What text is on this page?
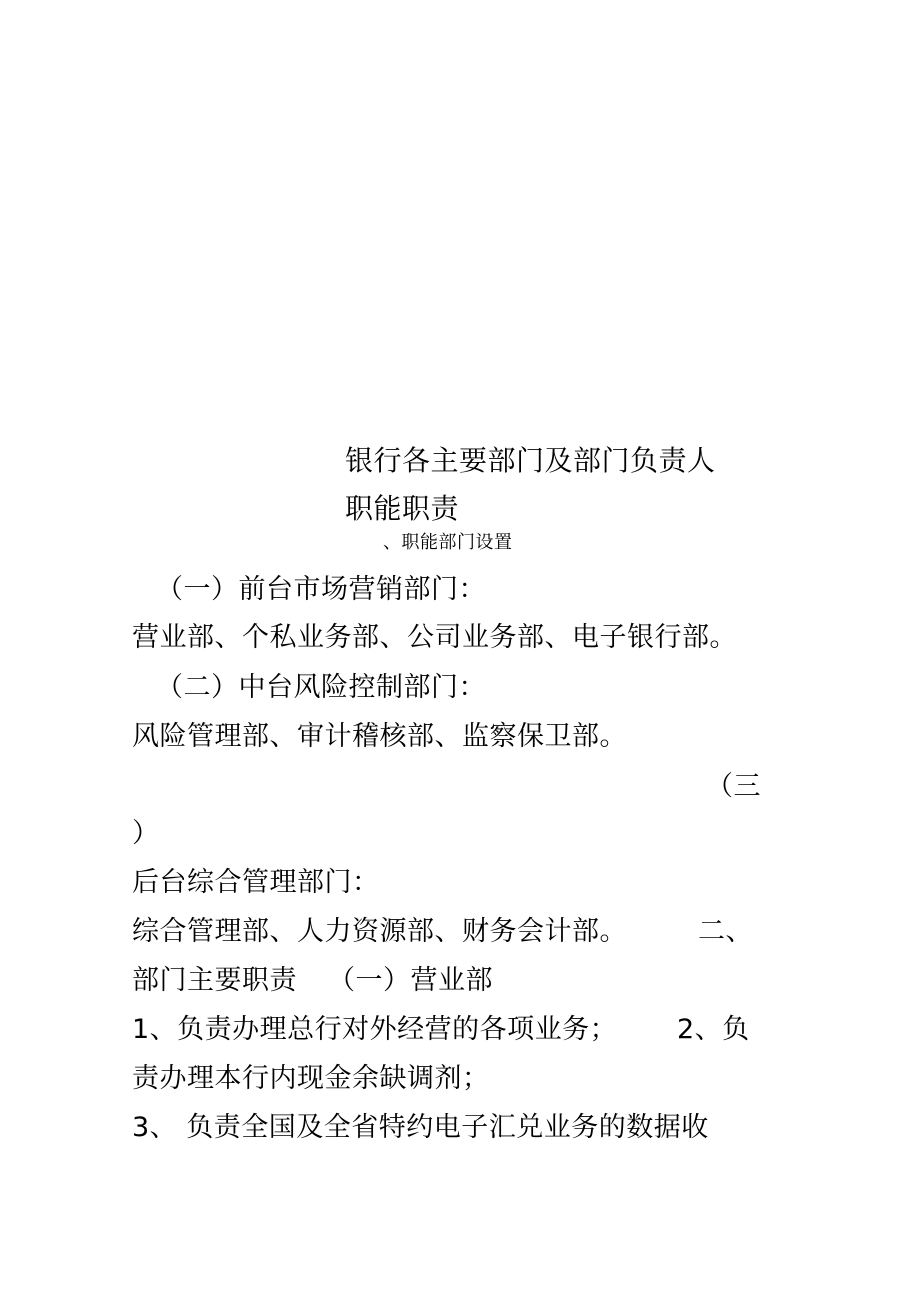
银行各主要部门及部门负责人
职能职责
、职能部门设置
（一）前台市场营销部门：
营业部、个私业务部、公司业务部、电子银行部。
（二）中台风险控制部门：
风险管理部、审计稽核部、监察保卫部。
（三
）
后台综合管理部门：
综合管理部、人力资源部、财务会计部。	二、
部门主要职责 （一）营业部
1、负责办理总行对外经营的各项业务； 2、负
责办理本行内现金余缺调剂；
3、 负责全国及全省特约电子汇兑业务的数据收
